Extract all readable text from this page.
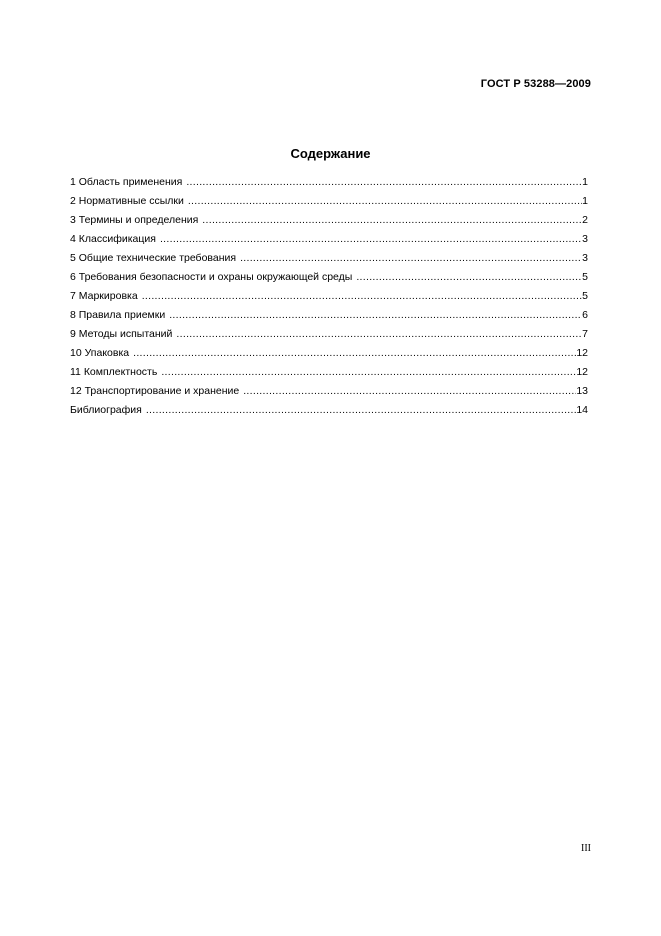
ГОСТ Р 53288—2009
Содержание
1 Область применения .....	1
2 Нормативные ссылки .....	1
3 Термины и определения .....	2
4 Классификация .....	3
5 Общие технические требования .....	3
6 Требования безопасности и охраны окружающей среды .....	5
7 Маркировка .....	5
8 Правила приемки .....	6
9 Методы испытаний .....	7
10 Упаковка .....	12
11 Комплектность .....	12
12 Транспортирование и хранение .....	13
Библиография .....	14
III
